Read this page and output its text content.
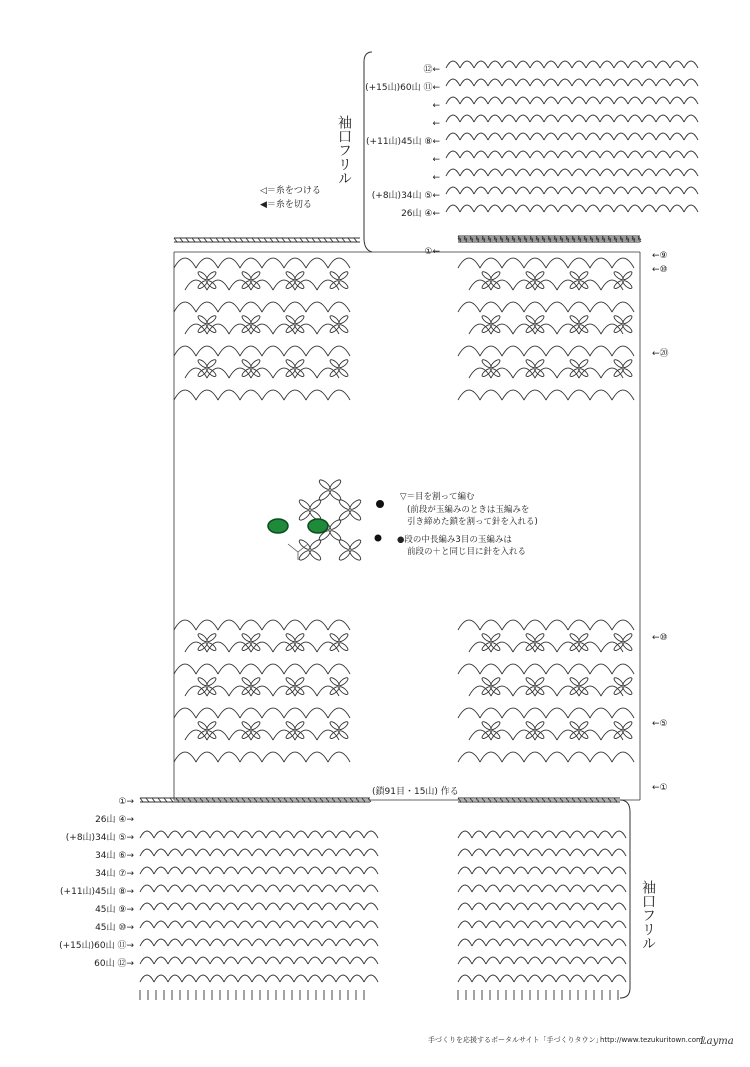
◁＝糸をつける
◀＝糸を切る
袖口フリル
⑫←
(+15山)60山 ⑪←
←
←
(+11山)45山 ⑧←
←
←
(+8山)34山 ⑤←
26山 ④←
①←	←⑨
←⑩
←⑳
←⑩
←⑤
←①
▽＝目を割って編む
(前段が玉編みのときは玉編みを
引き締めた鎖を割って針を入れる)
●段の中長編み3目の玉編みは
前段の＋と同じ目に針を入れる
(鎖91目・15山) 作る
①→
26山 ④→
(+8山)34山 ⑤→
34山 ⑥→
34山 ⑦→
(+11山)45山 ⑧→
45山 ⑨→
45山 ⑩→
(+15山)60山 ⑪→
60山 ⑫→
袖口フリル
手づくりを応援するポータルサイト「手づくりタウン」
http://www.tezukuritown.com/
Layma
